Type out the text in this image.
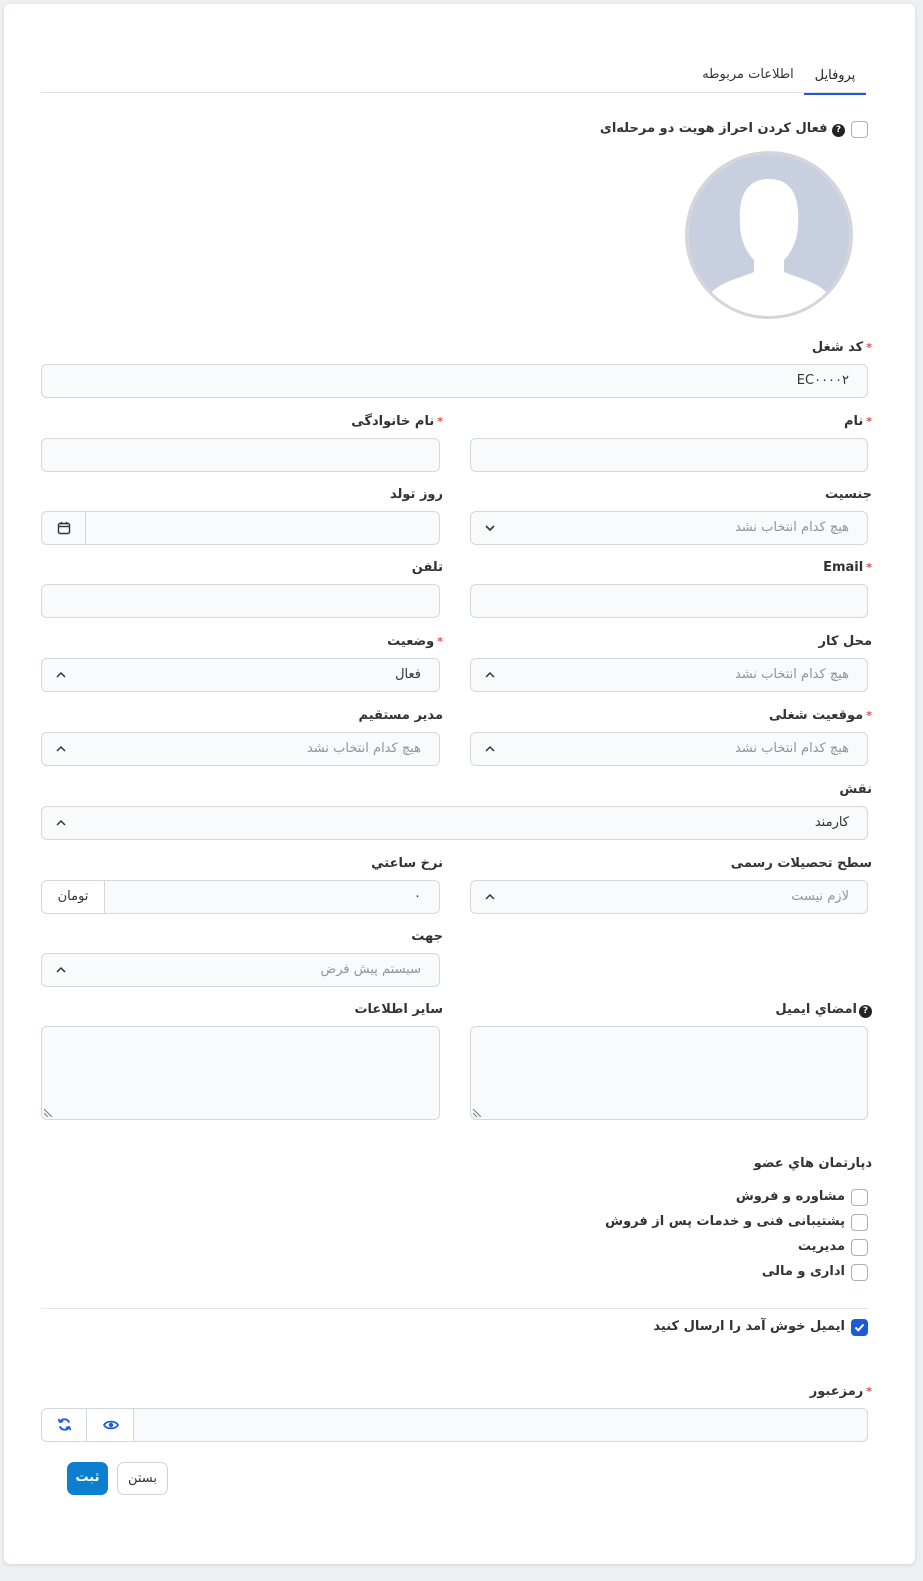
پروفایل
اطلاعات مربوطه
? فعال کردن احراز هویت دو مرحله‌ای
*کد شغل
EC۰۰۰۰۲
*نام
*نام خانوادگی
جنسیت
هیچ کدام انتخاب نشد
روز تولد
*Email
تلفن
محل کار
هیچ کدام انتخاب نشد
*وضعیت
فعال
*موقعیت شغلی
هیچ کدام انتخاب نشد
مدیر مستقیم
هیچ کدام انتخاب نشد
نقش
کارمند
سطح تحصیلات رسمی
لازم نیست
نرخ ساعتي
۰
تومان
جهت
سیستم پیش فرض
?امضاي ايميل
ساير اطلاعات
دپارتمان هاي عضو
مشاوره و فروش
پشتیبانی فنی و خدمات پس از فروش
مدیریت
اداری و مالی
ایمیل خوش آمد را ارسال کنید
*رمزعبور
ثبت	بستن
